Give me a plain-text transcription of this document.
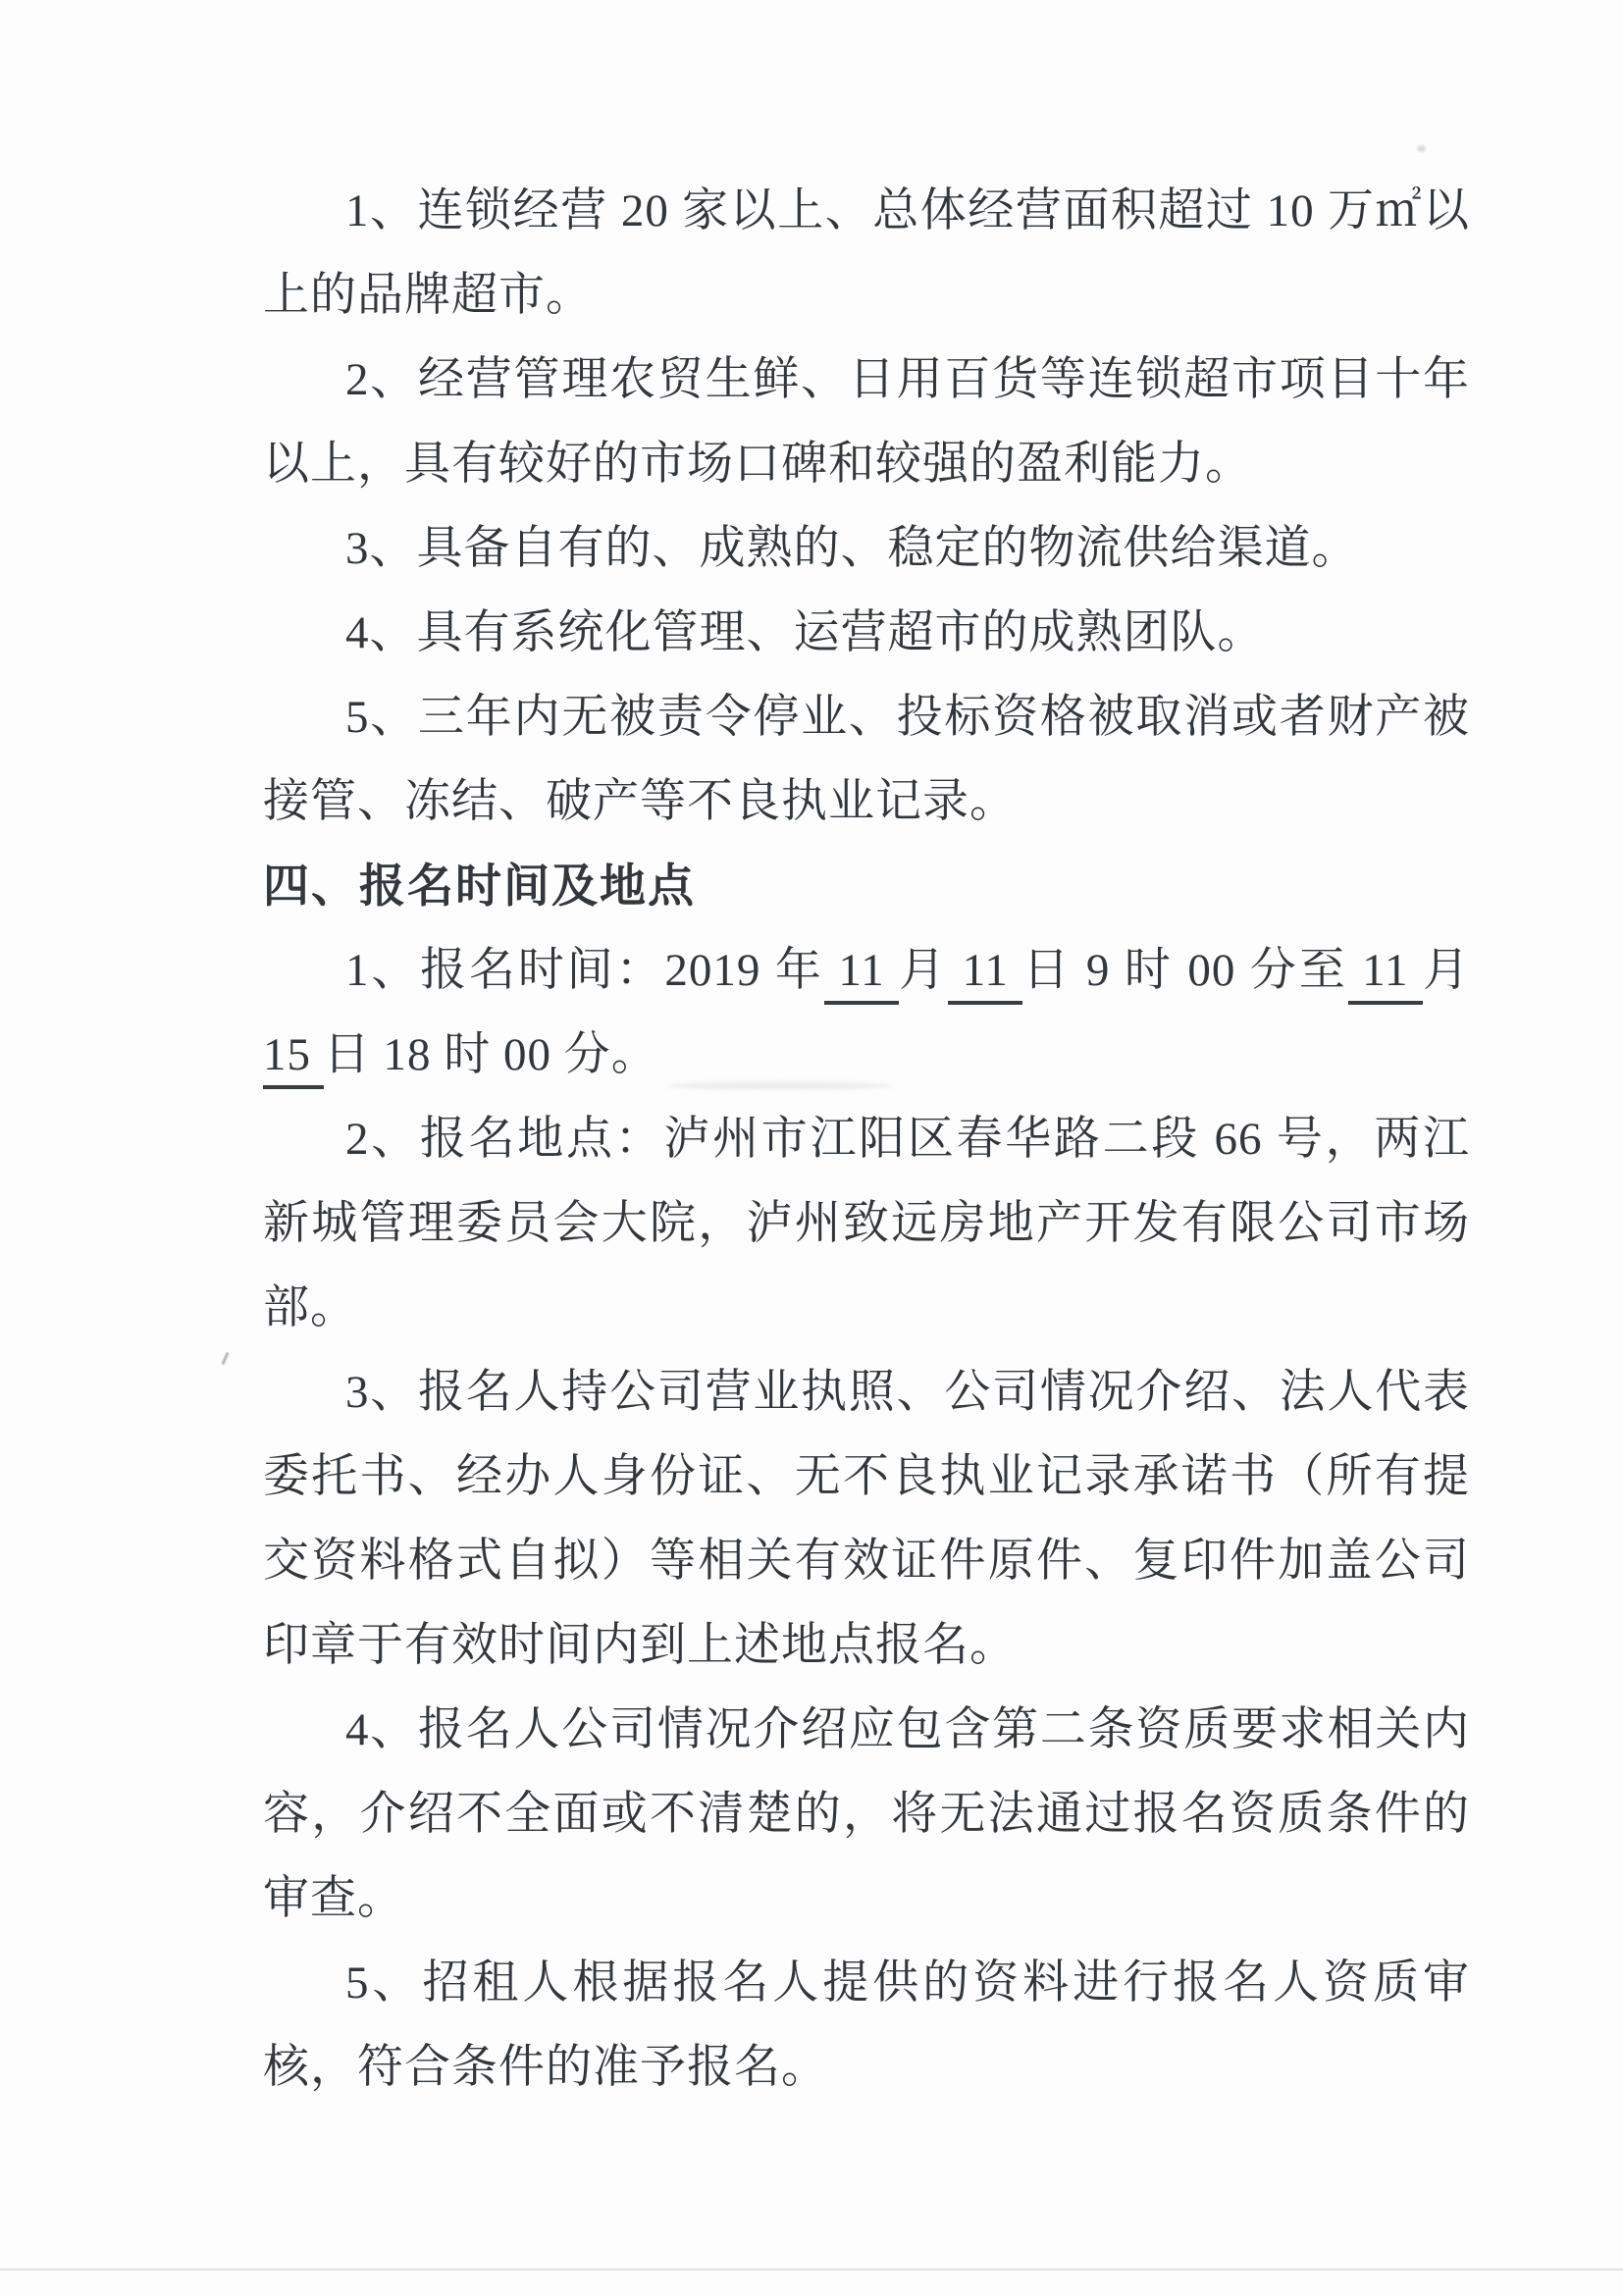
1、连锁经营 20 家以上、总体经营面积超过 10 万㎡以上的品牌超市。

2、经营管理农贸生鲜、日用百货等连锁超市项目十年以上，具有较好的市场口碑和较强的盈利能力。

3、具备自有的、成熟的、稳定的物流供给渠道。

4、具有系统化管理、运营超市的成熟团队。

5、三年内无被责令停业、投标资格被取消或者财产被接管、冻结、破产等不良执业记录。

四、报名时间及地点

1、报名时间：2019 年 11 月 11 日 9 时 00 分至 11 月 15 日 18 时 00 分。

2、报名地点：泸州市江阳区春华路二段 66 号，两江新城管理委员会大院，泸州致远房地产开发有限公司市场部。

3、报名人持公司营业执照、公司情况介绍、法人代表委托书、经办人身份证、无不良执业记录承诺书（所有提交资料格式自拟）等相关有效证件原件、复印件加盖公司印章于有效时间内到上述地点报名。

4、报名人公司情况介绍应包含第二条资质要求相关内容，介绍不全面或不清楚的，将无法通过报名资质条件的审查。

5、招租人根据报名人提供的资料进行报名人资质审核，符合条件的准予报名。
